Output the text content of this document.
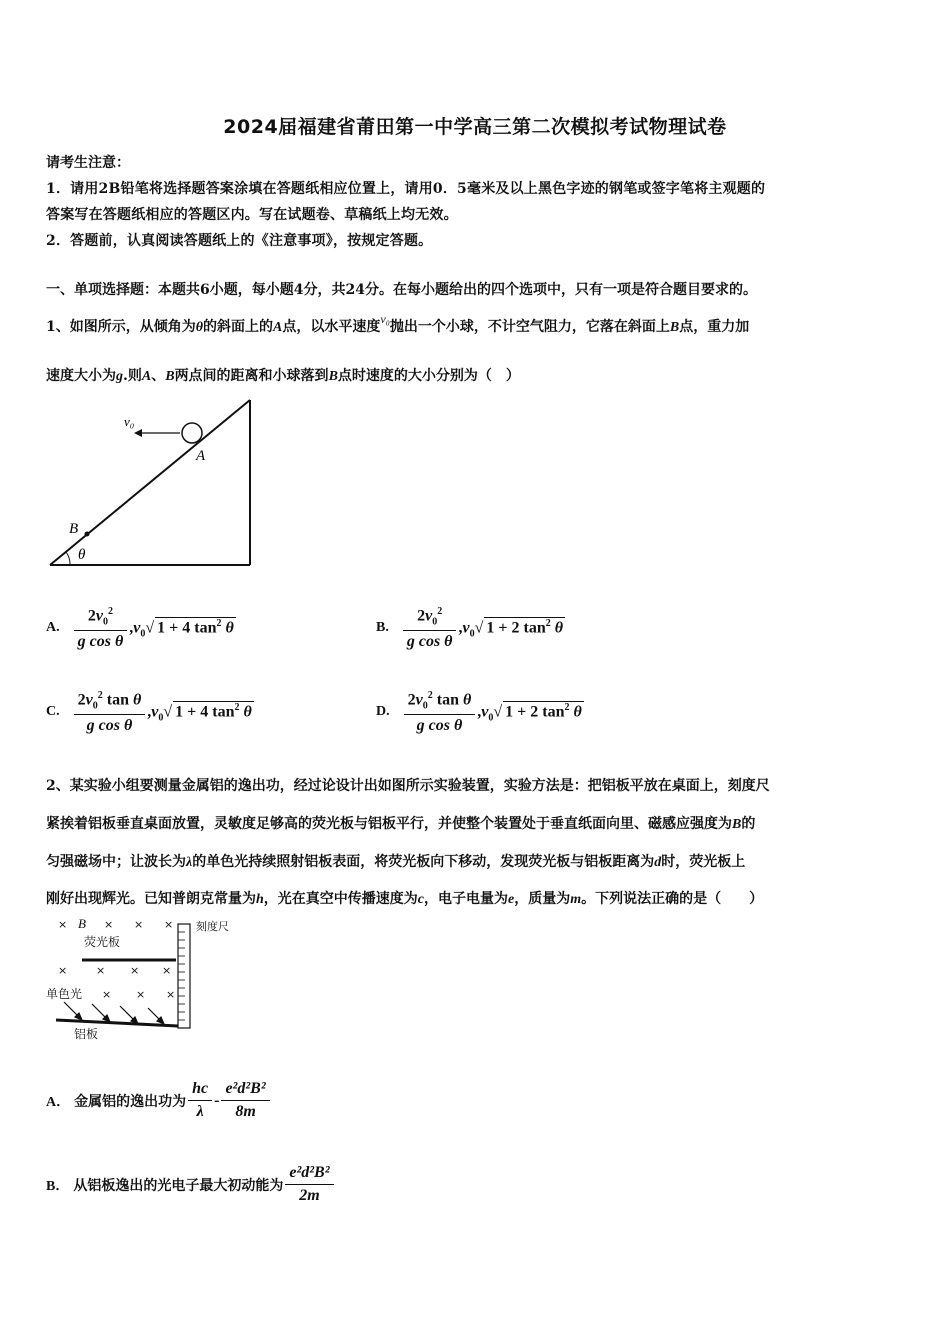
2024届福建省莆田第一中学高三第二次模拟考试物理试卷
请考生注意：
1．请用2B铅笔将选择题答案涂填在答题纸相应位置上，请用0．5毫米及以上黑色字迹的钢笔或签字笔将主观题的
答案写在答题纸相应的答题区内。写在试题卷、草稿纸上均无效。
2．答题前，认真阅读答题纸上的《注意事项》，按规定答题。
一、单项选择题：本题共6小题，每小题4分，共24分。在每小题给出的四个选项中，只有一项是符合题目要求的。
1、如图所示，从倾角为θ的斜面上的A点，以水平速度v₀抛出一个小球，不计空气阻力，它落在斜面上B点，重力加
速度大小为g.则A、B两点间的距离和小球落到B点时速度的大小分别为（　）
v₀
A
B
θ
A. $\frac{2v_0^2}{\text{g cos θ}} ,v_0√$ 1 + 4 $\tan^2 \theta$	B. $\frac{2v_0^2}{\text{g cos θ}} ,v_0√$ 1 + 2 $\tan^2 \theta$
C. $\frac{2v_0^2 \tan \theta}{\text{g cos θ}} ,v_0√$ 1 + 4 $\tan^2 \theta$	D. $\frac{2v_0^2 \tan \theta}{\text{g cos θ}} ,v_0√$ 1 + 2 $\tan^2 \theta$
2、某实验小组要测量金属铝的逸出功，经过论设计出如图所示实验装置，实验方法是：把铝板平放在桌面上，刻度尺
紧挨着铝板垂直桌面放置，灵敏度足够高的荧光板与铝板平行，并使整个装置处于垂直纸面向里、磁感应强度为B的
匀强磁场中；让波长为λ的单色光持续照射铝板表面，将荧光板向下移动，发现荧光板与铝板距离为d时，荧光板上
刚好出现辉光。已知普朗克常量为h，光在真空中传播速度为c，电子电量为e，质量为m。下列说法正确的是（　　）
× B × × ×
荧光板
×	× × ×
单色光 × × ×
铝板
刻度尺
A． 金属铝的逸出功为 $\frac{hc}{\lambda} - \frac{\text{e²d²B²}}{8m}$
B． 从铝板逸出的光电子最大初动能为 $\frac{\text{e²d²B²}}{2m}$
